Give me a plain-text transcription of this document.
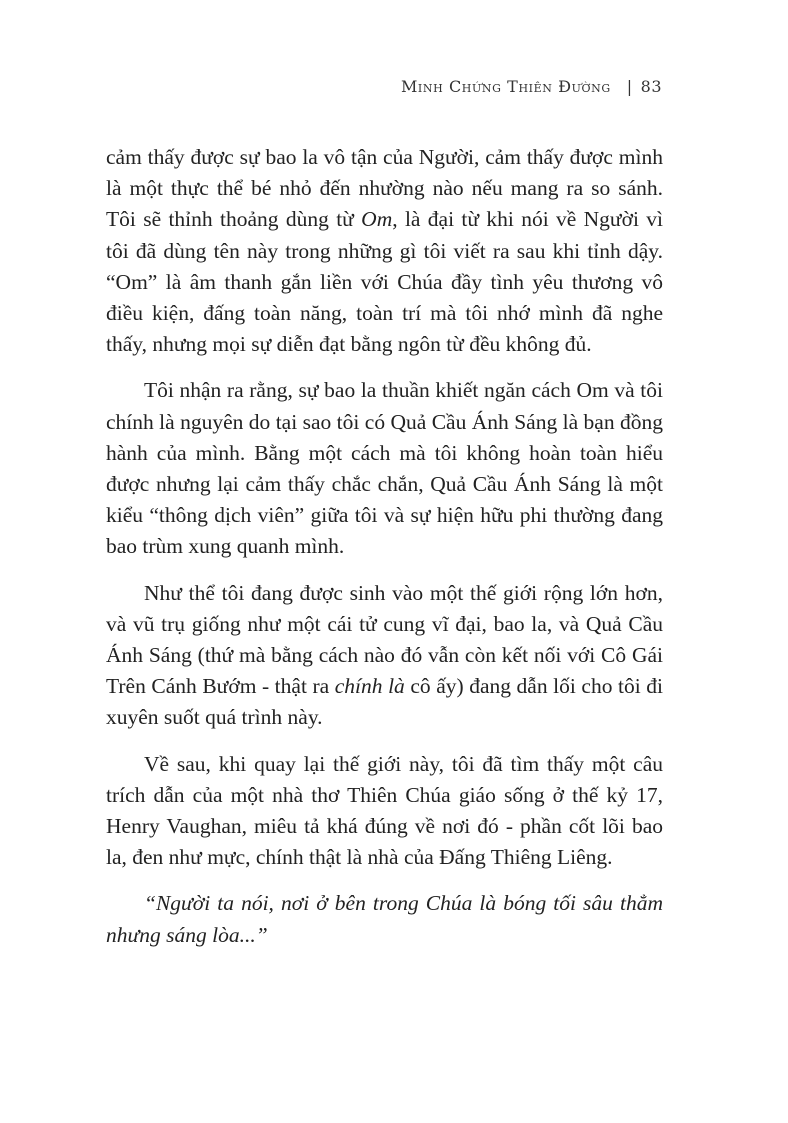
Minh Chứng Thiên Đường | 83

cảm thấy được sự bao la vô tận của Người, cảm thấy được mình là một thực thể bé nhỏ đến nhường nào nếu mang ra so sánh. Tôi sẽ thỉnh thoảng dùng từ Om, là đại từ khi nói về Người vì tôi đã dùng tên này trong những gì tôi viết ra sau khi tỉnh dậy. “Om” là âm thanh gắn liền với Chúa đầy tình yêu thương vô điều kiện, đấng toàn năng, toàn trí mà tôi nhớ mình đã nghe thấy, nhưng mọi sự diễn đạt bằng ngôn từ đều không đủ.

Tôi nhận ra rằng, sự bao la thuần khiết ngăn cách Om và tôi chính là nguyên do tại sao tôi có Quả Cầu Ánh Sáng là bạn đồng hành của mình. Bằng một cách mà tôi không hoàn toàn hiểu được nhưng lại cảm thấy chắc chắn, Quả Cầu Ánh Sáng là một kiểu “thông dịch viên” giữa tôi và sự hiện hữu phi thường đang bao trùm xung quanh mình.

Như thể tôi đang được sinh vào một thế giới rộng lớn hơn, và vũ trụ giống như một cái tử cung vĩ đại, bao la, và Quả Cầu Ánh Sáng (thứ mà bằng cách nào đó vẫn còn kết nối với Cô Gái Trên Cánh Bướm - thật ra chính là cô ấy) đang dẫn lối cho tôi đi xuyên suốt quá trình này.

Về sau, khi quay lại thế giới này, tôi đã tìm thấy một câu trích dẫn của một nhà thơ Thiên Chúa giáo sống ở thế kỷ 17, Henry Vaughan, miêu tả khá đúng về nơi đó - phần cốt lõi bao la, đen như mực, chính thật là nhà của Đấng Thiêng Liêng.

“Người ta nói, nơi ở bên trong Chúa là bóng tối sâu thẳm nhưng sáng lòa...”
